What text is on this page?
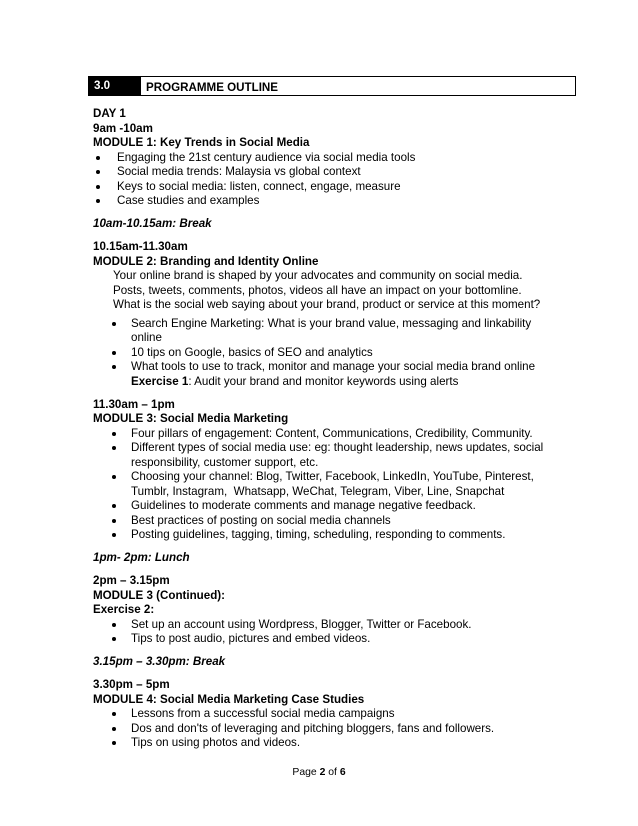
3.0	PROGRAMME OUTLINE
DAY 1
9am -10am
MODULE 1: Key Trends in Social Media
Engaging the 21st century audience via social media tools
Social media trends: Malaysia vs global context
Keys to social media: listen, connect, engage, measure
Case studies and examples
10am-10.15am: Break
10.15am-11.30am
MODULE 2: Branding and Identity Online
Your online brand is shaped by your advocates and community on social media.
Posts, tweets, comments, photos, videos all have an impact on your bottomline.
What is the social web saying about your brand, product or service at this moment?
Search Engine Marketing: What is your brand value, messaging and linkability
online
10 tips on Google, basics of SEO and analytics
What tools to use to track, monitor and manage your social media brand online
Exercise 1: Audit your brand and monitor keywords using alerts
11.30am – 1pm
MODULE 3: Social Media Marketing
Four pillars of engagement: Content, Communications, Credibility, Community.
Different types of social media use: eg: thought leadership, news updates, social
responsibility, customer support, etc.
Choosing your channel: Blog, Twitter, Facebook, LinkedIn, YouTube, Pinterest,
Tumblr, Instagram,  Whatsapp, WeChat, Telegram, Viber, Line, Snapchat
Guidelines to moderate comments and manage negative feedback.
Best practices of posting on social media channels
Posting guidelines, tagging, timing, scheduling, responding to comments.
1pm- 2pm: Lunch
2pm – 3.15pm
MODULE 3 (Continued):
Exercise 2:
Set up an account using Wordpress, Blogger, Twitter or Facebook.
Tips to post audio, pictures and embed videos.
3.15pm – 3.30pm: Break
3.30pm – 5pm
MODULE 4: Social Media Marketing Case Studies
Lessons from a successful social media campaigns
Dos and don'ts of leveraging and pitching bloggers, fans and followers.
Tips on using photos and videos.
Page 2 of 6
